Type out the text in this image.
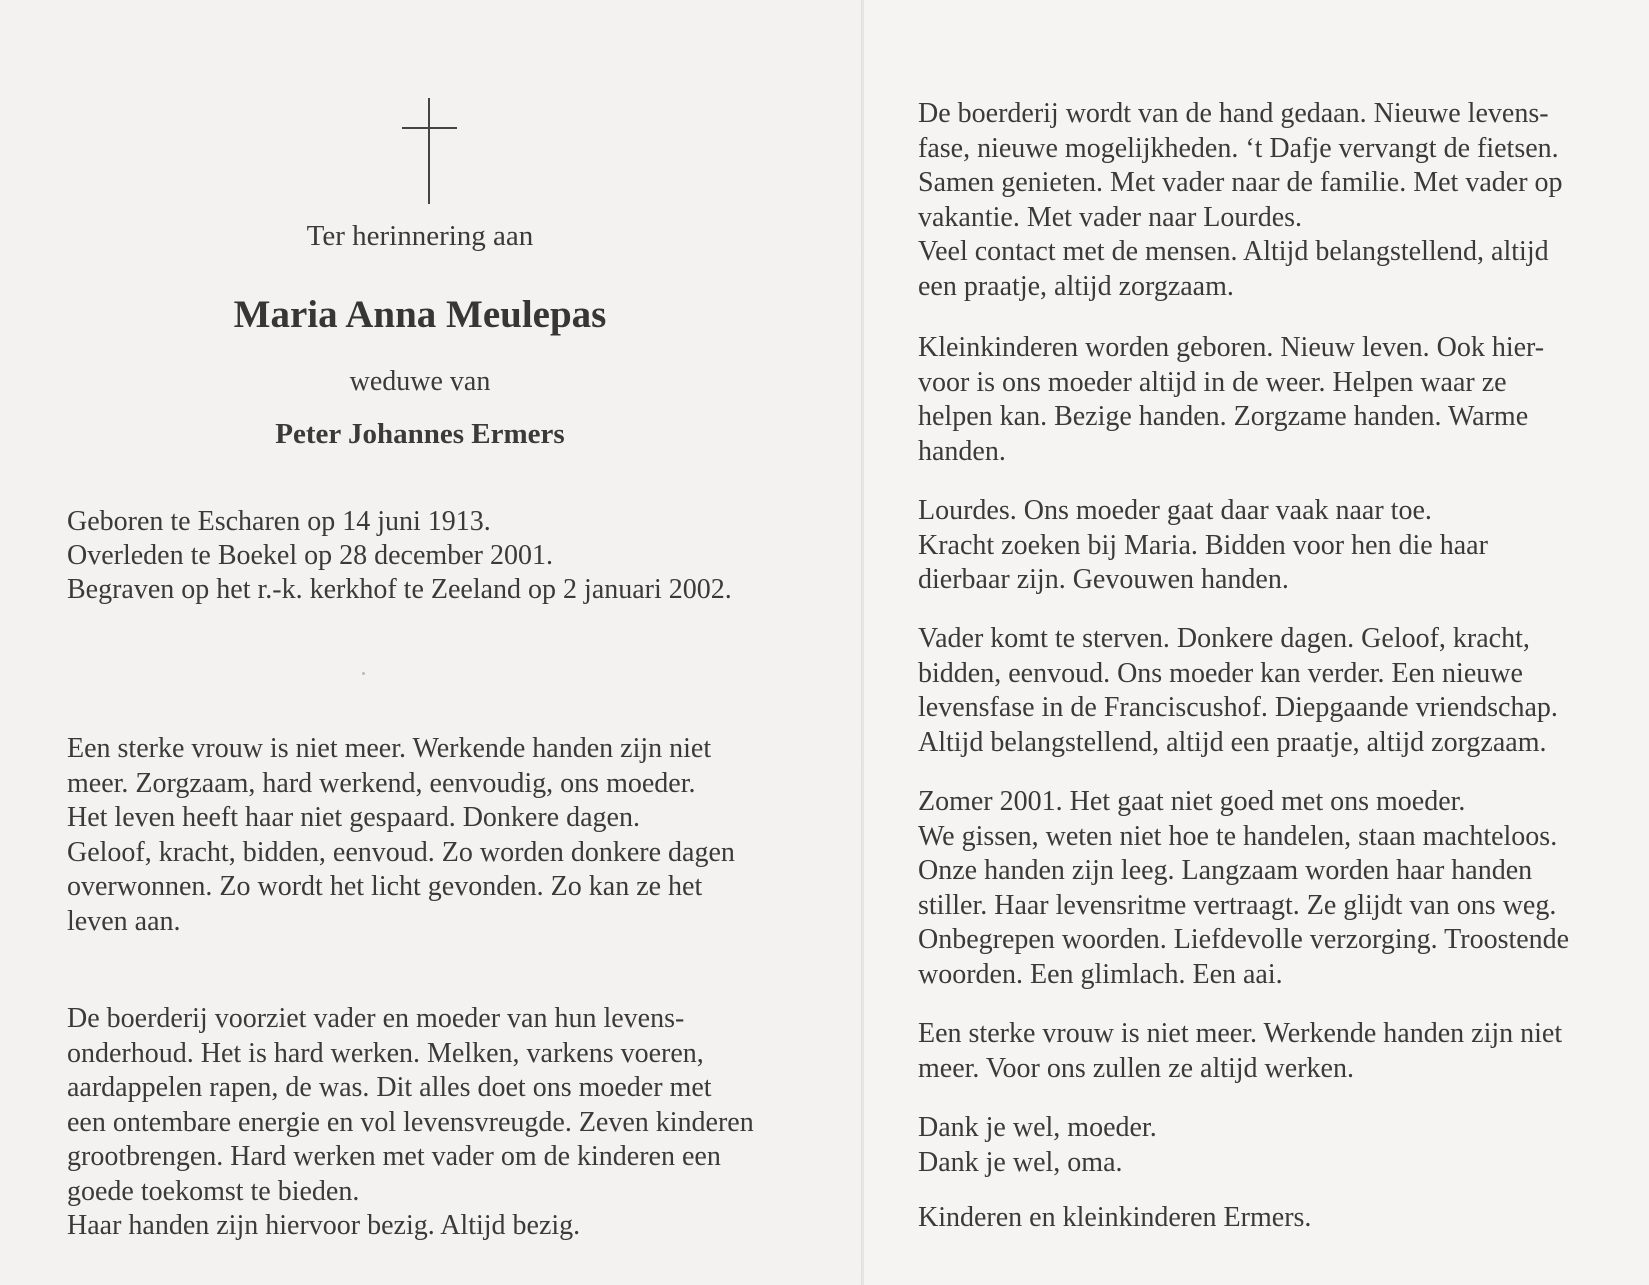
Ter herinnering aan
Maria Anna Meulepas
weduwe van
Peter Johannes Ermers
Geboren te Escharen op 14 juni 1913.
Overleden te Boekel op 28 december 2001.
Begraven op het r.-k. kerkhof te Zeeland op 2 januari 2002.
Een sterke vrouw is niet meer. Werkende handen zijn niet
meer. Zorgzaam, hard werkend, eenvoudig, ons moeder.
Het leven heeft haar niet gespaard. Donkere dagen.
Geloof, kracht, bidden, eenvoud. Zo worden donkere dagen
overwonnen. Zo wordt het licht gevonden. Zo kan ze het
leven aan.
De boerderij voorziet vader en moeder van hun levens-
onderhoud. Het is hard werken. Melken, varkens voeren,
aardappelen rapen, de was. Dit alles doet ons moeder met
een ontembare energie en vol levensvreugde. Zeven kinderen
grootbrengen. Hard werken met vader om de kinderen een
goede toekomst te bieden.
Haar handen zijn hiervoor bezig. Altijd bezig.
De boerderij wordt van de hand gedaan. Nieuwe levens-
fase, nieuwe mogelijkheden. ‘t Dafje vervangt de fietsen.
Samen genieten. Met vader naar de familie. Met vader op
vakantie. Met vader naar Lourdes.
Veel contact met de mensen. Altijd belangstellend, altijd
een praatje, altijd zorgzaam.
Kleinkinderen worden geboren. Nieuw leven. Ook hier-
voor is ons moeder altijd in de weer. Helpen waar ze
helpen kan. Bezige handen. Zorgzame handen. Warme
handen.
Lourdes. Ons moeder gaat daar vaak naar toe.
Kracht zoeken bij Maria. Bidden voor hen die haar
dierbaar zijn. Gevouwen handen.
Vader komt te sterven. Donkere dagen. Geloof, kracht,
bidden, eenvoud. Ons moeder kan verder. Een nieuwe
levensfase in de Franciscushof. Diepgaande vriendschap.
Altijd belangstellend, altijd een praatje, altijd zorgzaam.
Zomer 2001. Het gaat niet goed met ons moeder.
We gissen, weten niet hoe te handelen, staan machteloos.
Onze handen zijn leeg. Langzaam worden haar handen
stiller. Haar levensritme vertraagt. Ze glijdt van ons weg.
Onbegrepen woorden. Liefdevolle verzorging. Troostende
woorden. Een glimlach. Een aai.
Een sterke vrouw is niet meer. Werkende handen zijn niet
meer. Voor ons zullen ze altijd werken.
Dank je wel, moeder.
Dank je wel, oma.
Kinderen en kleinkinderen Ermers.
